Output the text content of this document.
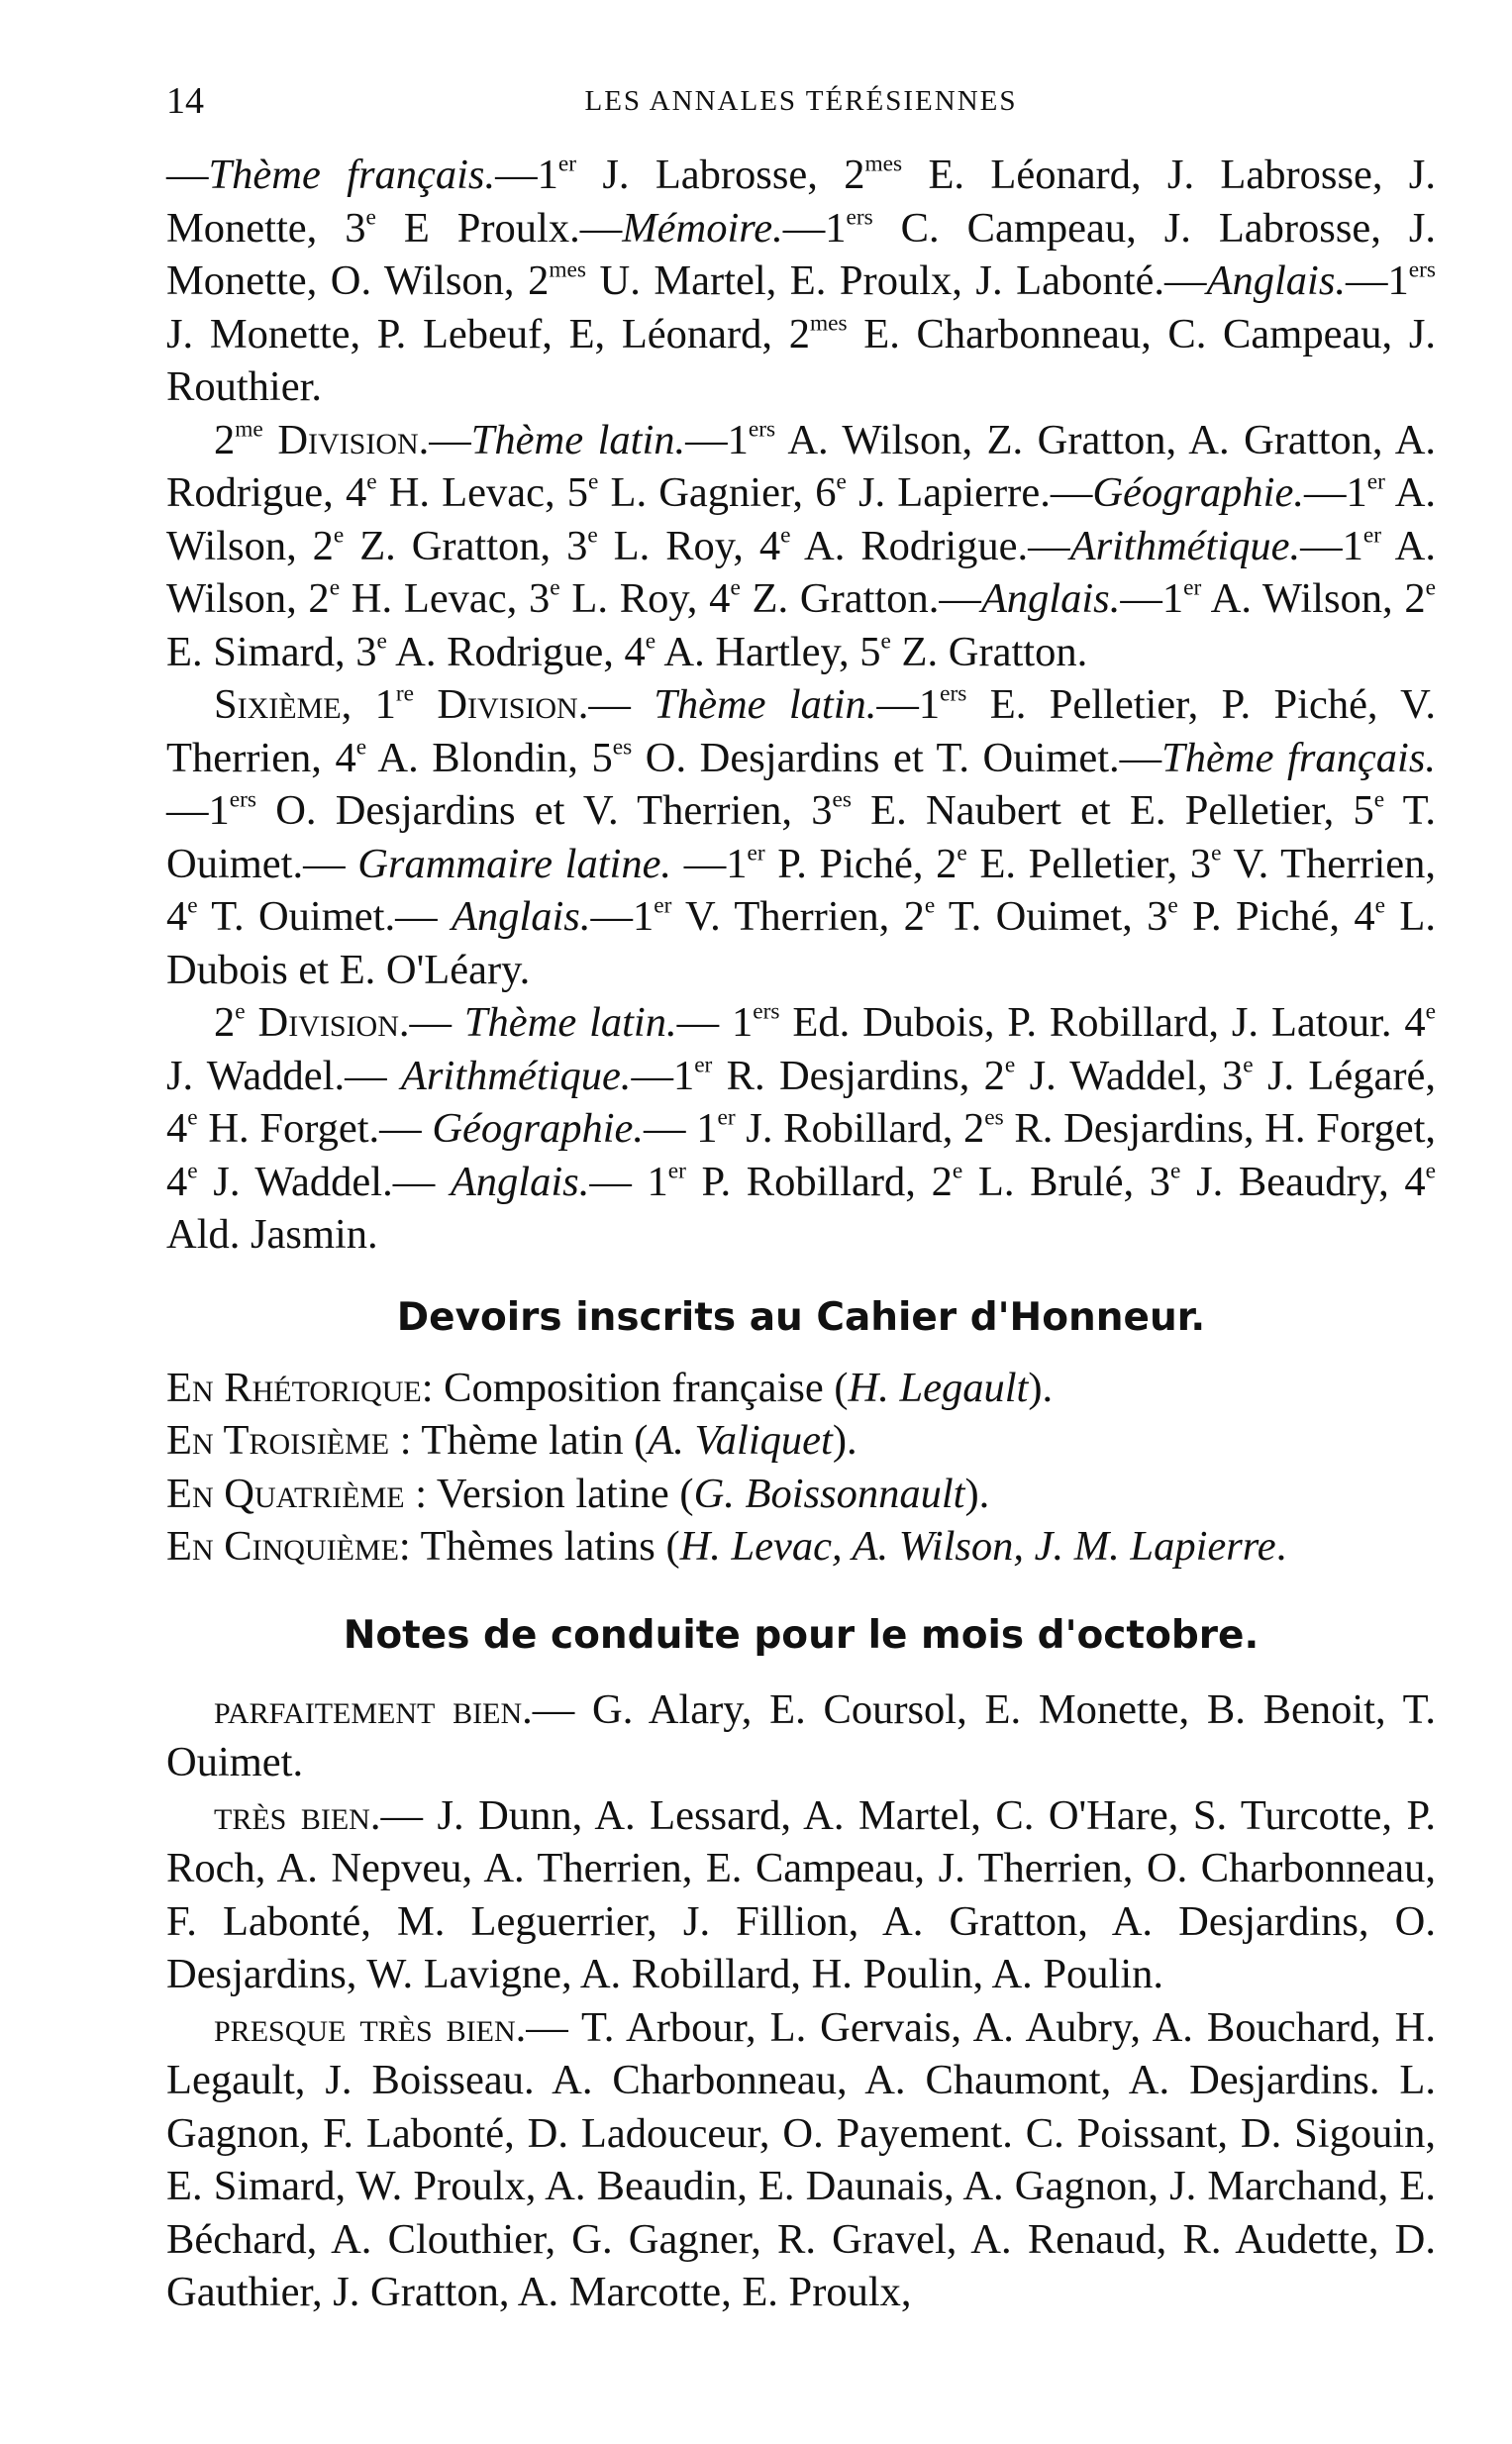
14	LES ANNALES TÉRÉSIENNES

—Thème français.—1er J. Labrosse, $2^{mes}$ E. Léonard, J. Labrosse, J. Monette, 3e E Proulx.—Mémoire.—1ers C. Campeau, J. Labrosse, J. Monette, O. Wilson, $2^{mes}$ U. Martel, E. Proulx, J. Labonté.—Anglais.—1ers J. Monette, P. Lebeuf, E, Léonard, $2^{mes}$ E. Charbonneau, C. Campeau, J. Routhier.

$2^{me}$ Division.—Thème latin.—1ers A. Wilson, Z. Gratton, A. Gratton, A. Rodrigue, 4e H. Levac, 5e L. Gagnier, 6e J. Lapierre.—Géographie.—1er A. Wilson, 2e Z. Gratton, 3e L. Roy, 4e A. Rodrigue.—Arithmétique.—1er A. Wilson, 2e H. Levac, 3e L. Roy, 4e Z. Gratton.—Anglais.—1er A. Wilson, 2e E. Simard, 3e A. Rodrigue, 4e A. Hartley, 5e Z. Gratton.

Sixième, 1re Division.— Thème latin.—1ers E. Pelletier, P. Piché, V. Therrien, 4e A. Blondin, $5^{es}$ O. Desjardins et T. Ouimet.—Thème français.—1ers O. Desjardins et V. Therrien, $3^{es}$ E. Naubert et E. Pelletier, 5e T. Ouimet.— Grammaire latine. —1er P. Piché, 2e E. Pelletier, 3e V. Therrien, 4e T. Ouimet.— Anglais.—1er V. Therrien, 2e T. Ouimet, 3e P. Piché, 4e L. Dubois et E. O'Léary.

2e Division.— Thème latin.— 1ers Ed. Dubois, P. Robillard, J. Latour. 4e J. Waddel.— Arithmétique.—1er R. Desjardins, 2e J. Waddel, 3e J. Légaré, 4e H. Forget.— Géographie.— 1er J. Robillard, $2^{es}$ R. Desjardins, H. Forget, 4e J. Waddel.— Anglais.— 1er P. Robillard, 2e L. Brulé, 3e J. Beaudry, 4e Ald. Jasmin.

Devoirs inscrits au Cahier d'Honneur.

En Rhétorique: Composition française (H. Legault).

En Troisième : Thème latin (A. Valiquet).

En Quatrième : Version latine (G. Boissonnault).

En Cinquième: Thèmes latins (H. Levac, A. Wilson, J. M. Lapierre.

Notes de conduite pour le mois d'octobre.

parfaitement bien.— G. Alary, E. Coursol, E. Monette, B. Benoit, T. Ouimet.

très bien.— J. Dunn, A. Lessard, A. Martel, C. O'Hare, S. Turcotte, P. Roch, A. Nepveu, A. Therrien, E. Campeau, J. Therrien, O. Charbonneau, F. Labonté, M. Leguerrier, J. Fillion, A. Gratton, A. Desjardins, O. Desjardins, W. Lavigne, A. Robillard, H. Poulin, A. Poulin.

presque très bien.— T. Arbour, L. Gervais, A. Aubry, A. Bouchard, H. Legault, J. Boisseau. A. Charbonneau, A. Chaumont, A. Desjardins. L. Gagnon, F. Labonté, D. Ladouceur, O. Payement. C. Poissant, D. Sigouin, E. Simard, W. Proulx, A. Beaudin, E. Daunais, A. Gagnon, J. Marchand, E. Béchard, A. Clouthier, G. Gagner, R. Gravel, A. Renaud, R. Audette, D. Gauthier, J. Gratton, A. Marcotte, E. Proulx,
